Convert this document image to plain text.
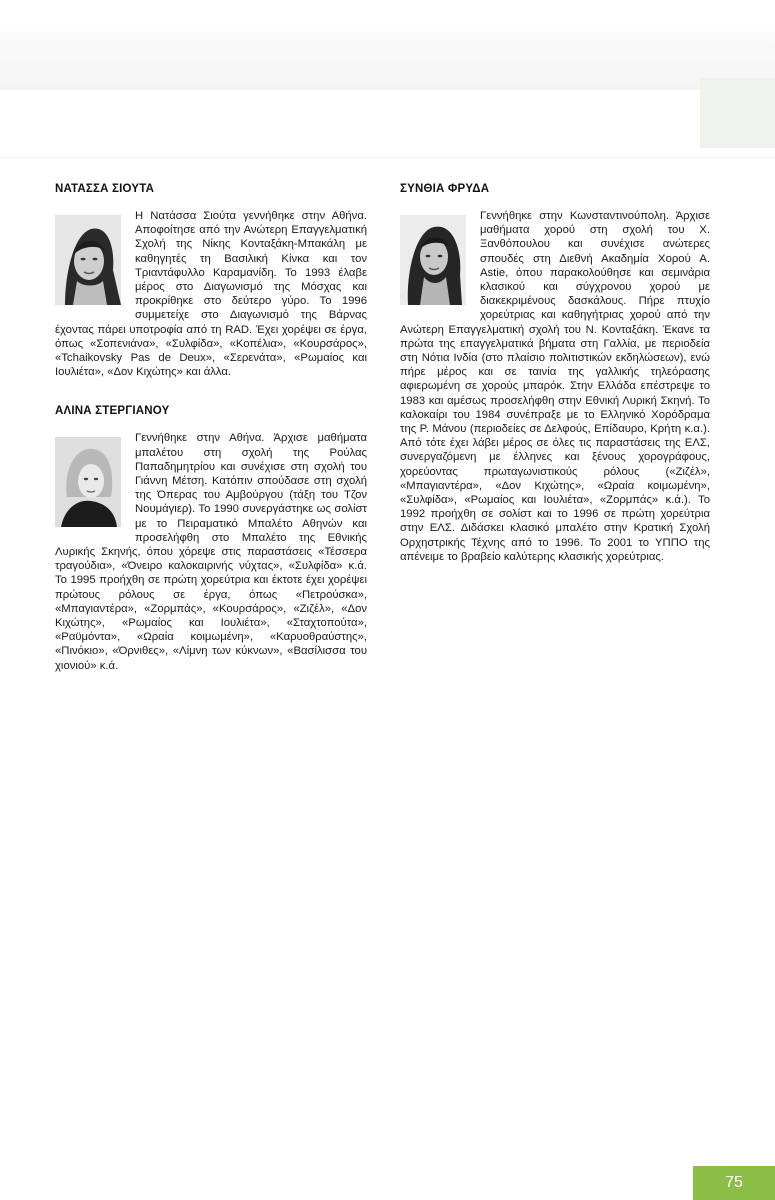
ΝΑΤΑΣΣΑ ΣΙΟΥΤΑ

Η Νατάσσα Σιούτα γεννήθηκε στην Αθήνα. Αποφοίτησε από την Ανώτερη Επαγγελματική Σχολή της Νίκης Κονταξάκη-Μπακάλη με καθηγητές τη Βασιλική Κίνκα και τον Τριαντάφυλλο Καραμανίδη. Το 1993 έλαβε μέρος στο Διαγωνισμό της Μόσχας και προκρίθηκε στο δεύτερο γύρο. Το 1996 συμμετείχε στο Διαγωνισμό της Βάρνας έχοντας πάρει υποτροφία από τη RAD. Έχει χορέψει σε έργα, όπως «Σοπενιάνα», «Συλφίδα», «Κοπέλια», «Κουρσάρος», «Tchaikovsky Pas de Deux», «Σερενάτα», «Ρωμαίος και Ιουλιέτα», «Δον Κιχώτης» και άλλα.

ΑΛΙΝΑ ΣΤΕΡΓΙΑΝΟΥ

Γεννήθηκε στην Αθήνα. Άρχισε μαθήματα μπαλέτου στη σχολή της Ρούλας Παπαδημητρίου και συνέχισε στη σχολή του Γιάννη Μέτση. Κατόπιν σπούδασε στη σχολή της Όπερας του Αμβούργου (τάξη του Τζον Νουμάγιερ). Το 1990 συνεργάστηκε ως σολίστ με το Πειραματικό Μπαλέτο Αθηνών και προσελήφθη στο Μπαλέτο της Εθνικής Λυρικής Σκηνής, όπου χόρεψε στις παραστάσεις «Τέσσερα τραγούδια», «Όνειρο καλοκαιρινής νύχτας», «Συλφίδα» κ.ά. Το 1995 προήχθη σε πρώτη χορεύτρια και έκτοτε έχει χορέψει πρώτους ρόλους σε έργα, όπως «Πετρούσκα», «Μπαγιαντέρα», «Ζορμπάς», «Κουρσάρος», «Ζιζέλ», «Δον Κιχώτης», «Ρωμαίος και Ιουλιέτα», «Σταχτοπούτα», «Ραϋμόντα», «Ωραία κοιμωμένη», «Καρυοθραύστης», «Πινόκιο», «Όρνιθες», «Λίμνη των κύκνων», «Βασίλισσα του χιονιού» κ.ά.

ΣΥΝΘΙΑ ΦΡΥΔΑ

Γεννήθηκε στην Κωνσταντινούπολη. Άρχισε μαθήματα χορού στη σχολή του Χ. Ξανθόπουλου και συνέχισε ανώτερες σπουδές στη Διεθνή Ακαδημία Χορού Α. Astie, όπου παρακολούθησε και σεμινάρια κλασικού και σύγχρονου χορού με διακεκριμένους δασκάλους. Πήρε πτυχίο χορεύτριας και καθηγήτριας χορού από την Ανώτερη Επαγγελματική σχολή του Ν. Κονταξάκη. Έκανε τα πρώτα της επαγγελματικά βήματα στη Γαλλία, με περιοδεία στη Νότια Ινδία (στο πλαίσιο πολιτιστικών εκδηλώσεων), ενώ πήρε μέρος και σε ταινία της γαλλικής τηλεόρασης αφιερωμένη σε χορούς μπαρόκ. Στην Ελλάδα επέστρεψε το 1983 και αμέσως προσελήφθη στην Εθνική Λυρική Σκηνή. Το καλοκαίρι του 1984 συνέπραξε με το Ελληνικό Χορόδραμα της Ρ. Μάνου (περιοδείες σε Δελφούς, Επίδαυρο, Κρήτη κ.α.). Από τότε έχει λάβει μέρος σε όλες τις παραστάσεις της ΕΛΣ, συνεργαζόμενη με έλληνες και ξένους χορογράφους, χορεύοντας πρωταγωνιστικούς ρόλους («Ζιζέλ», «Μπαγιαντέρα», «Δον Κιχώτης», «Ωραία κοιμωμένη», «Συλφίδα», «Ρωμαίος και Ιουλιέτα», «Ζορμπάς» κ.ά.). Το 1992 προήχθη σε σολίστ και το 1996 σε πρώτη χορεύτρια στην ΕΛΣ. Διδάσκει κλασικό μπαλέτο στην Κρατική Σχολή Ορχηστρικής Τέχνης από το 1996. Το 2001 το ΥΠΠΟ της απένειμε το βραβείο καλύτερης κλασικής χορεύτριας.

75
